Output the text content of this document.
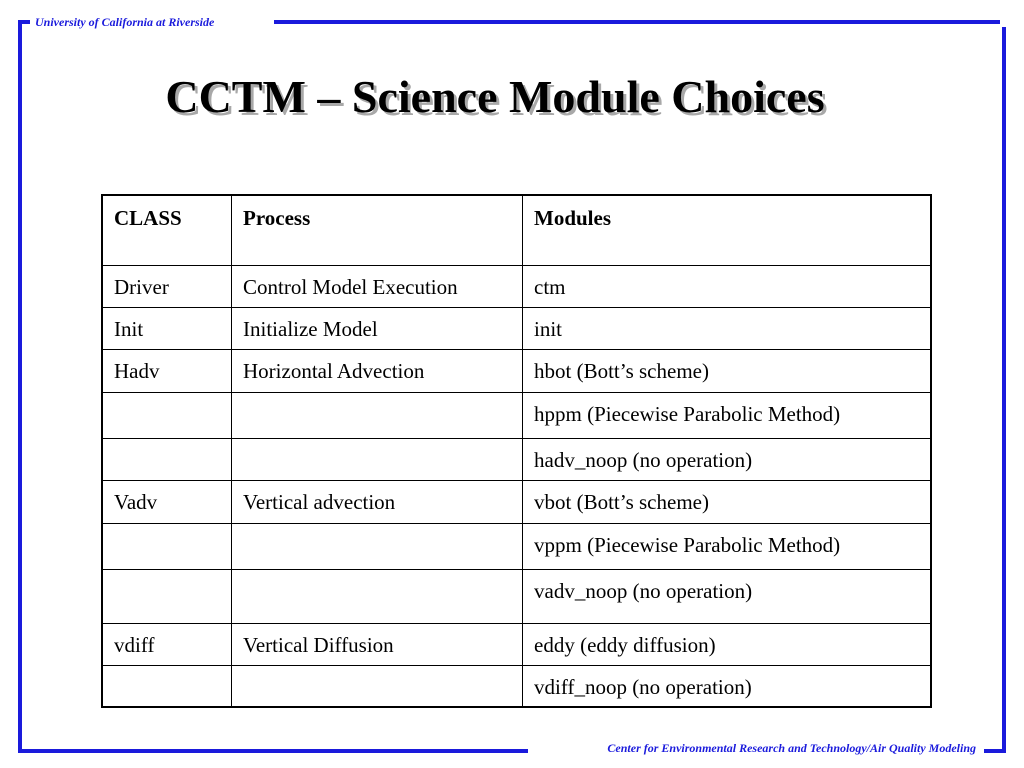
University of California at Riverside
Center for Environmental Research and Technology/Air Quality Modeling
CCTM – Science Module Choices
CLASS	Process	Modules
Driver	Control Model Execution	ctm
Init	Initialize Model	init
Hadv	Horizontal Advection	hbot (Bott’s scheme)
		hppm (Piecewise Parabolic Method)
		hadv_noop (no operation)
Vadv	Vertical advection	vbot (Bott’s scheme)
		vppm (Piecewise Parabolic Method)
		vadv_noop (no operation)
vdiff	Vertical Diffusion	eddy (eddy diffusion)
		vdiff_noop (no operation)
